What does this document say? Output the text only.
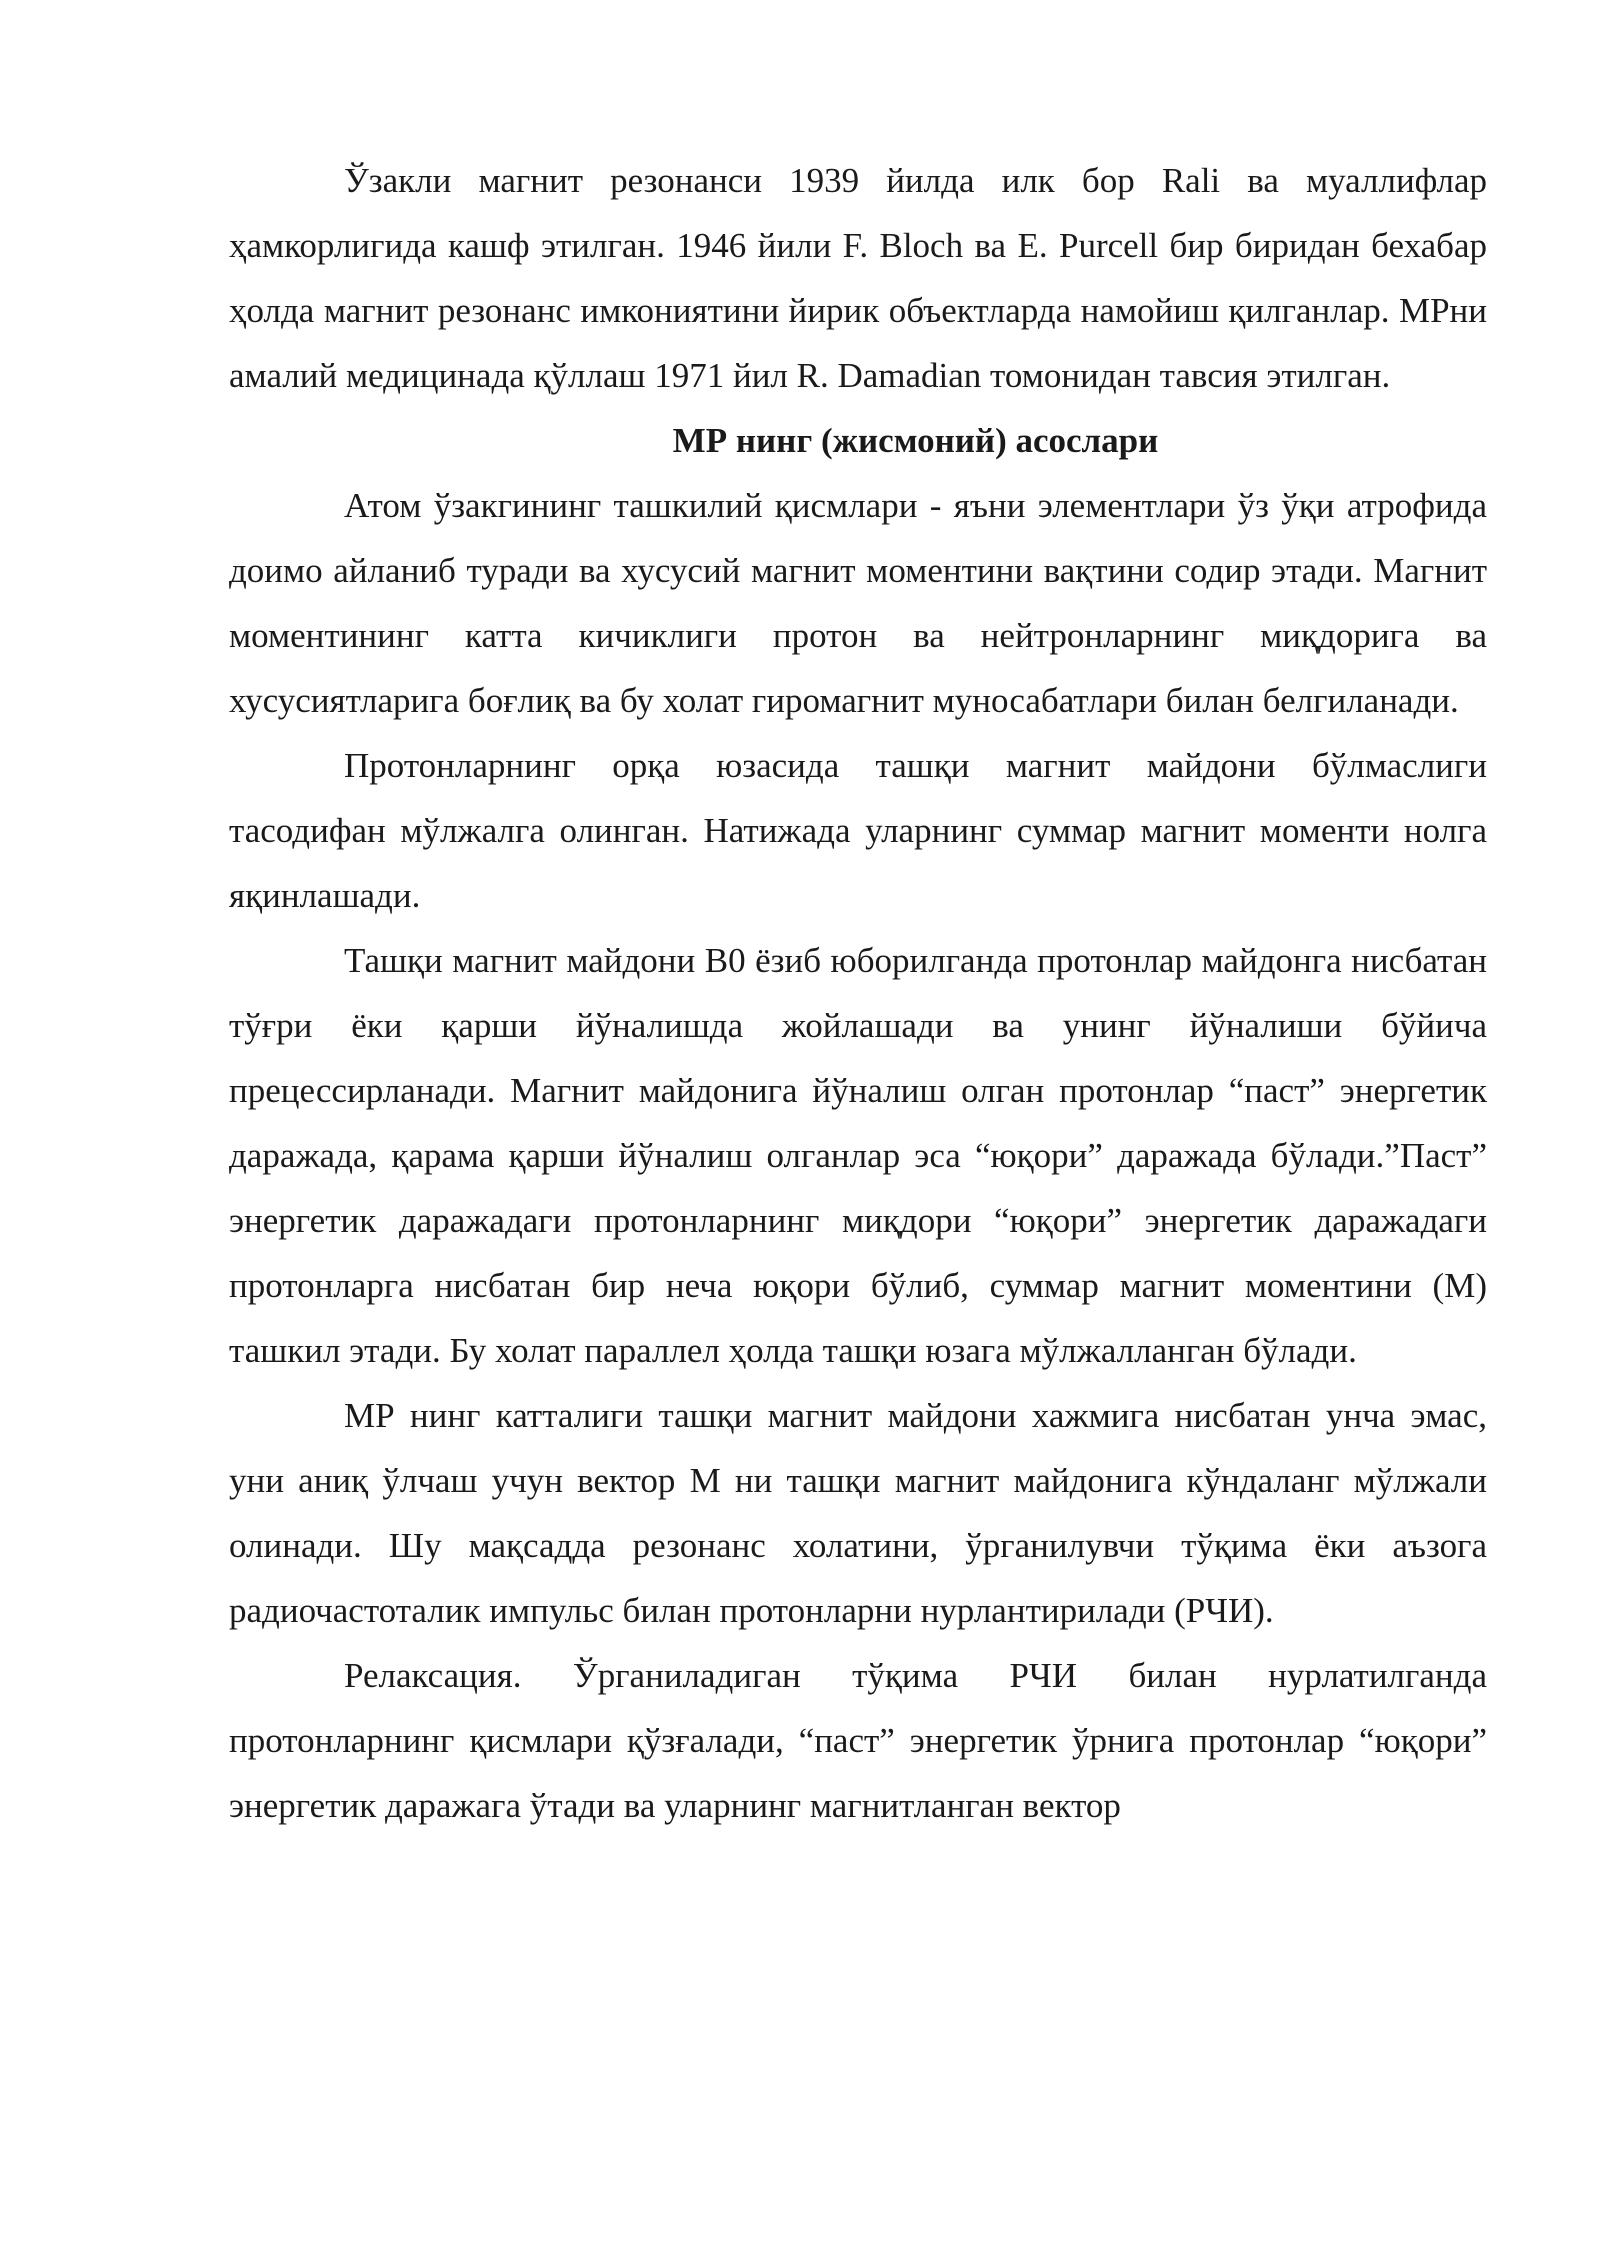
Ўзакли магнит резонанси 1939 йилда илк бор Rali ва муаллифлар ҳамкорлигида кашф этилган. 1946 йили F. Bloch ва E. Purcell бир биридан бехабар ҳолда магнит резонанс имкониятини йирик объектларда намойиш қилганлар. МРни амалий медицинада қўллаш 1971 йил R. Damadian томонидан тавсия этилган.

МР нинг (жисмоний) асослари

Атом ўзакгининг ташкилий қисмлари - яъни элементлари ўз ўқи атрофида доимо айланиб туради ва хусусий магнит моментини вақтини содир этади. Магнит моментининг катта кичиклиги протон ва нейтронларнинг миқдорига ва хусусиятларига боғлиқ ва бу холат гиромагнит муносабатлари билан белгиланади.

Протонларнинг орқа юзасида ташқи магнит майдони бўлмаслиги тасодифан мўлжалга олинган. Натижада уларнинг суммар магнит моменти нолга яқинлашади.

Ташқи магнит майдони В0 ёзиб юборилганда протонлар майдонга нисбатан тўғри ёки қарши йўналишда жойлашади ва унинг йўналиши бўйича прецессирланади. Магнит майдонига йўналиш олган протонлар “паст” энергетик даражада, қарама қарши йўналиш олганлар эса “юқори” даражада бўлади.”Паст” энергетик даражадаги протонларнинг миқдори “юқори” энергетик даражадаги протонларга нисбатан бир неча юқори бўлиб, суммар магнит моментини (М) ташкил этади. Бу холат параллел ҳолда ташқи юзага мўлжалланган бўлади.

МР нинг катталиги ташқи магнит майдони хажмига нисбатан унча эмас, уни аниқ ўлчаш учун вектор М ни ташқи магнит майдонига кўндаланг мўлжали олинади. Шу мақсадда резонанс холатини, ўрганилувчи тўқима ёки аъзога радиочастоталик импульс билан протонларни нурлантирилади (РЧИ).

Релаксация. Ўрганиладиган тўқима РЧИ билан нурлатилганда протонларнинг қисмлари қўзғалади, “паст” энергетик ўрнига протонлар “юқори” энергетик даражага ўтади ва уларнинг магнитланган вектор
